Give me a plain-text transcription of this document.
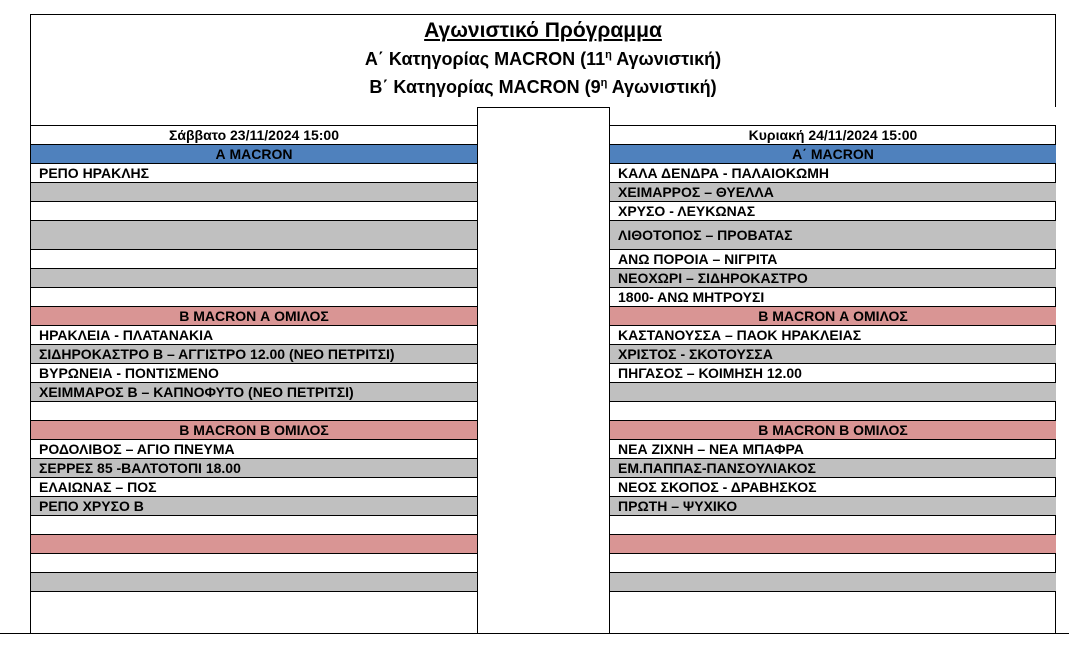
Αγωνιστικό Πρόγραμμα
Α΄ Κατηγορίας MACRON ($11^\eta$ Αγωνιστική)
Β΄ Κατηγορίας MACRON ($9^\eta$ Αγωνιστική)
Σάββατο 23/11/2024 15:00
Α MACRON
ΡΕΠΟ ΗΡΑΚΛΗΣ
Β MACRON Α ΟΜΙΛΟΣ
ΗΡΑΚΛΕΙΑ - ΠΛΑΤΑΝΑΚΙΑ
ΣΙΔΗΡΟΚΑΣΤΡΟ Β – ΑΓΓΙΣΤΡΟ 12.00 (ΝΕΟ ΠΕΤΡΙΤΣΙ)
ΒΥΡΩΝΕΙΑ - ΠΟΝΤΙΣΜΕΝΟ
ΧΕΙΜΜΑΡΟΣ Β – ΚΑΠΝΟΦΥΤΟ (ΝΕΟ ΠΕΤΡΙΤΣΙ)
Β MACRON Β ΟΜΙΛΟΣ
ΡΟΔΟΛΙΒΟΣ – ΑΓΙΟ ΠΝΕΥΜΑ
ΣΕΡΡΕΣ 85 -ΒΑΛΤΟΤΟΠΙ 18.00
ΕΛΑΙΩΝΑΣ – ΠΟΣ
ΡΕΠΟ ΧΡΥΣΟ Β
Κυριακή 24/11/2024 15:00
Α΄ MACRON
ΚΑΛΑ ΔΕΝΔΡΑ - ΠΑΛΑΙΟΚΩΜΗ
ΧΕΙΜΑΡΡΟΣ – ΘΥΕΛΛΑ
ΧΡΥΣΟ - ΛΕΥΚΩΝΑΣ
ΛΙΘΟΤΟΠΟΣ – ΠΡΟΒΑΤΑΣ
ΑΝΩ ΠΟΡΟΙΑ – ΝΙΓΡΙΤΑ
ΝΕΟΧΩΡΙ – ΣΙΔΗΡΟΚΑΣΤΡΟ
1800- ΑΝΩ ΜΗΤΡΟΥΣΙ
Β MACRON Α ΟΜΙΛΟΣ
ΚΑΣΤΑΝΟΥΣΣΑ – ΠΑΟΚ ΗΡΑΚΛΕΙΑΣ
ΧΡΙΣΤΟΣ - ΣΚΟΤΟΥΣΣΑ
ΠΗΓΑΣΟΣ – ΚΟΙΜΗΣΗ 12.00
Β MACRON Β ΟΜΙΛΟΣ
ΝΕΑ ΖΙΧΝΗ – ΝΕΑ ΜΠΑΦΡΑ
ΕΜ.ΠΑΠΠΑΣ-ΠΑΝΣΟΥΛΙΑΚΟΣ
ΝΕΟΣ ΣΚΟΠΟΣ - ΔΡΑΒΗΣΚΟΣ
ΠΡΩΤΗ – ΨΥΧΙΚΟ
